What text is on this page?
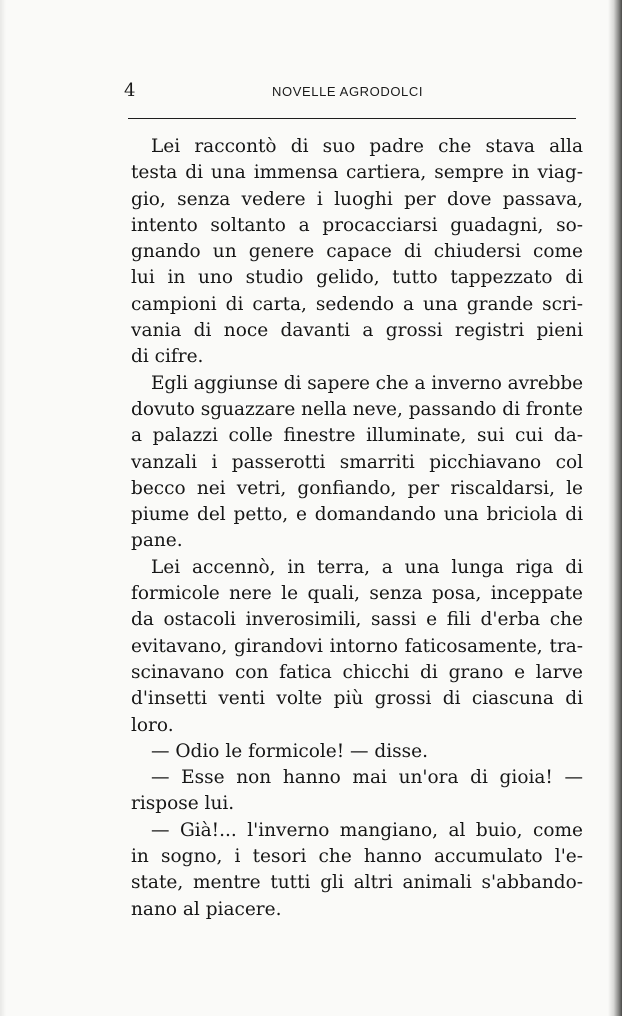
4	NOVELLE AGRODOLCI
Lei raccontò di suo padre che stava alla
testa di una immensa cartiera, sempre in viag-
gio, senza vedere i luoghi per dove passava,
intento soltanto a procacciarsi guadagni, so-
gnando un genere capace di chiudersi come
lui in uno studio gelido, tutto tappezzato di
campioni di carta, sedendo a una grande scri-
vania di noce davanti a grossi registri pieni
di cifre.
Egli aggiunse di sapere che a inverno avrebbe
dovuto sguazzare nella neve, passando di fronte
a palazzi colle finestre illuminate, sui cui da-
vanzali i passerotti smarriti picchiavano col
becco nei vetri, gonfiando, per riscaldarsi, le
piume del petto, e domandando una briciola di
pane.
Lei accennò, in terra, a una lunga riga di
formicole nere le quali, senza posa, inceppate
da ostacoli inverosimili, sassi e fili d'erba che
evitavano, girandovi intorno faticosamente, tra-
scinavano con fatica chicchi di grano e larve
d'insetti venti volte più grossi di ciascuna di
loro.
— Odio le formicole! — disse.
— Esse non hanno mai un'ora di gioia! —
rispose lui.
— Già!... l'inverno mangiano, al buio, come
in sogno, i tesori che hanno accumulato l'e-
state, mentre tutti gli altri animali s'abbando-
nano al piacere.
